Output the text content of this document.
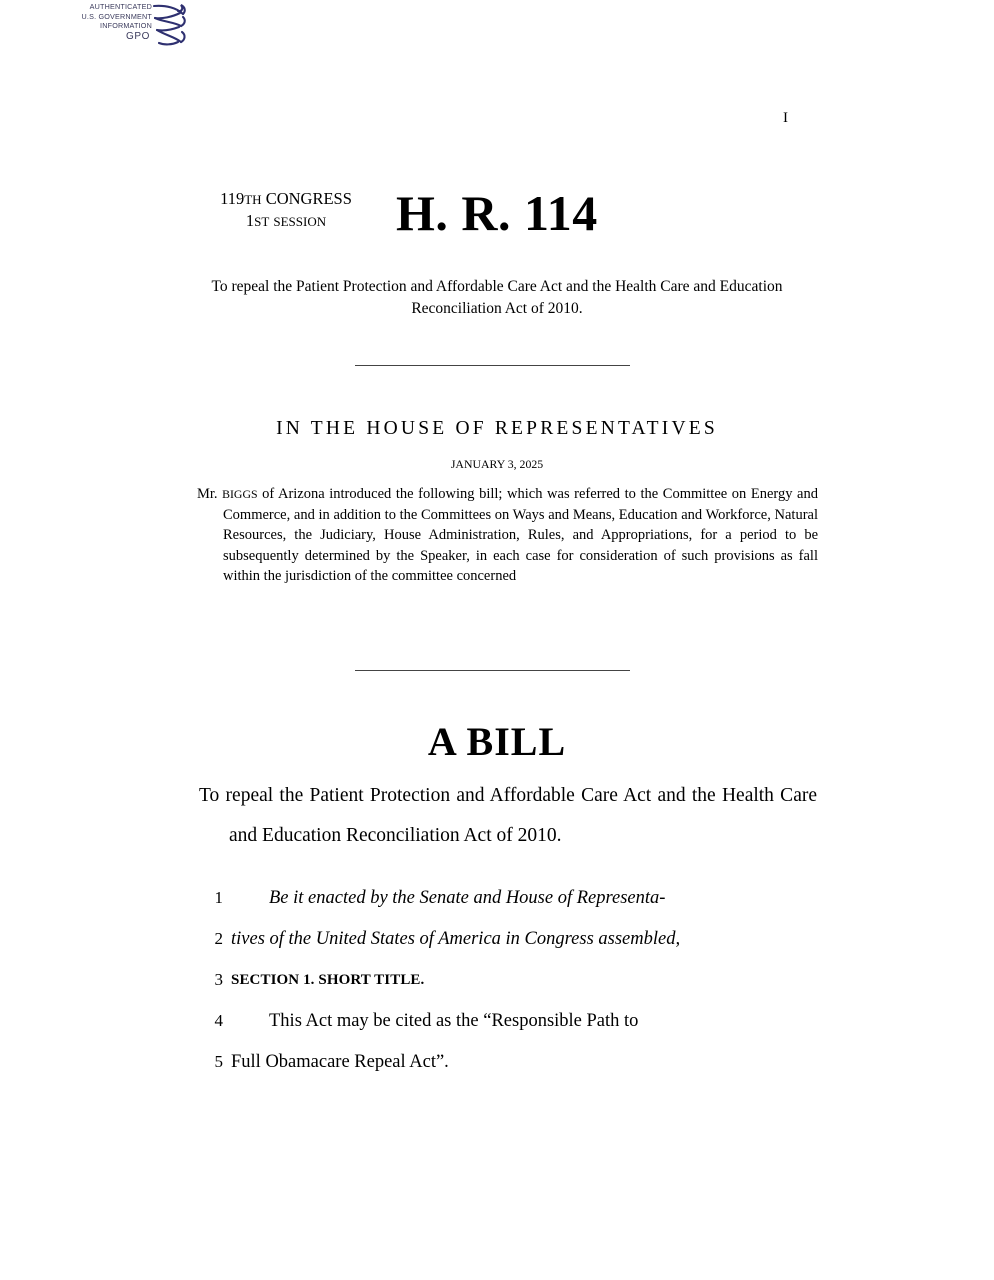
AUTHENTICATED
U.S. GOVERNMENT
INFORMATION
GPO
I
119TH CONGRESS
1ST SESSION	H. R. 114
To repeal the Patient Protection and Affordable Care Act and the Health Care and Education Reconciliation Act of 2010.
IN THE HOUSE OF REPRESENTATIVES
JANUARY 3, 2025
Mr. BIGGS of Arizona introduced the following bill; which was referred to the Committee on Energy and Commerce, and in addition to the Committees on Ways and Means, Education and Workforce, Natural Resources, the Judiciary, House Administration, Rules, and Appropriations, for a period to be subsequently determined by the Speaker, in each case for consideration of such provisions as fall within the jurisdiction of the committee concerned
A BILL
To repeal the Patient Protection and Affordable Care Act and the Health Care and Education Reconciliation Act of 2010.
1	Be it enacted by the Senate and House of Representa-
2 tives of the United States of America in Congress assembled,
3 SECTION 1. SHORT TITLE.
4	This Act may be cited as the “Responsible Path to
5 Full Obamacare Repeal Act”.
